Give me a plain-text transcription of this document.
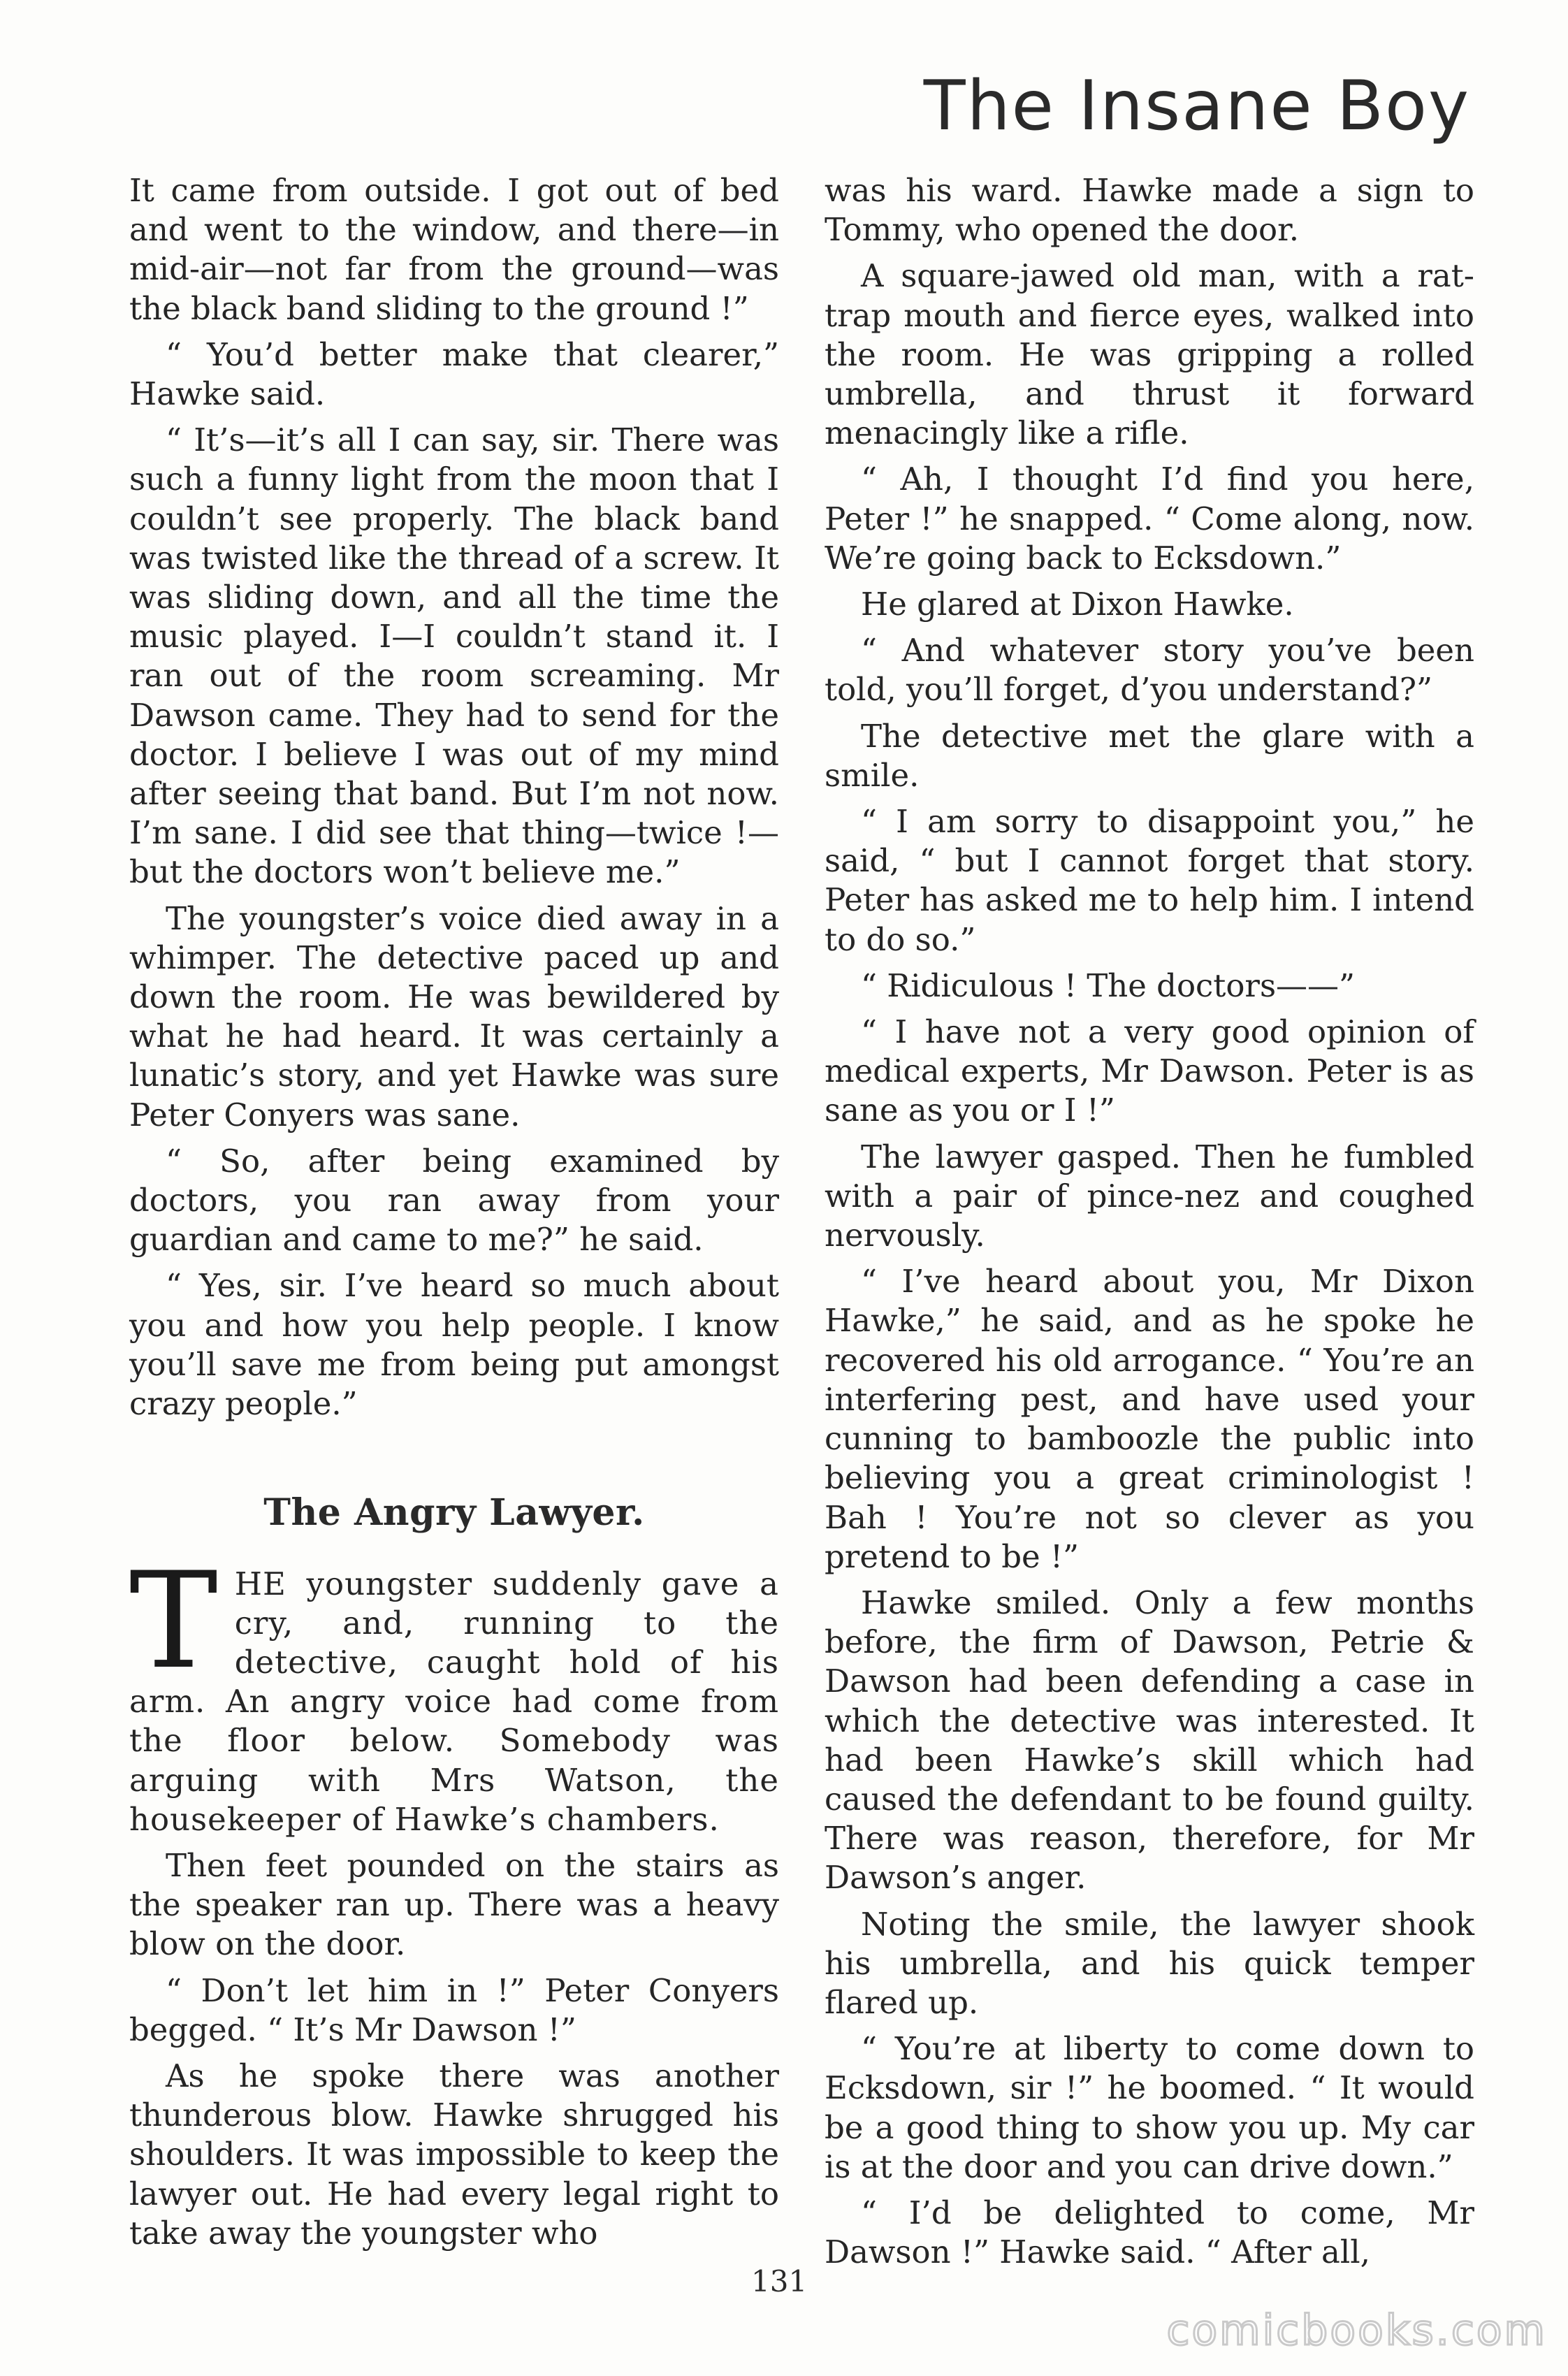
The Insane Boy

It came from outside. I got out of bed and went to the window, and there—in mid-air—not far from the ground—was the black band sliding to the ground !”

“ You’d better make that clearer,” Hawke said.

“ It’s—it’s all I can say, sir. There was such a funny light from the moon that I couldn’t see properly. The black band was twisted like the thread of a screw. It was sliding down, and all the time the music played. I—I couldn’t stand it. I ran out of the room screaming. Mr Dawson came. They had to send for the doctor. I believe I was out of my mind after seeing that band. But I’m not now. I’m sane. I did see that thing—twice !—but the doctors won’t believe me.”

The youngster’s voice died away in a whimper. The detective paced up and down the room. He was bewildered by what he had heard. It was certainly a lunatic’s story, and yet Hawke was sure Peter Conyers was sane.

“ So, after being examined by doctors, you ran away from your guardian and came to me?” he said.

“ Yes, sir. I’ve heard so much about you and how you help people. I know you’ll save me from being put amongst crazy people.”

The Angry Lawyer.

THE youngster suddenly gave a cry, and, running to the detective, caught hold of his arm. An angry voice had come from the floor below. Somebody was arguing with Mrs Watson, the housekeeper of Hawke’s chambers.

Then feet pounded on the stairs as the speaker ran up. There was a heavy blow on the door.

“ Don’t let him in !” Peter Conyers begged. “ It’s Mr Dawson !”

As he spoke there was another thunderous blow. Hawke shrugged his shoulders. It was impossible to keep the lawyer out. He had every legal right to take away the youngster who

was his ward. Hawke made a sign to Tommy, who opened the door.

A square-jawed old man, with a rat-trap mouth and fierce eyes, walked into the room. He was gripping a rolled umbrella, and thrust it forward menacingly like a rifle.

“ Ah, I thought I’d find you here, Peter !” he snapped. “ Come along, now. We’re going back to Ecksdown.”

He glared at Dixon Hawke.

“ And whatever story you’ve been told, you’ll forget, d’you understand?”

The detective met the glare with a smile.

“ I am sorry to disappoint you,” he said, “ but I cannot forget that story. Peter has asked me to help him. I intend to do so.”

“ Ridiculous ! The doctors——”

“ I have not a very good opinion of medical experts, Mr Dawson. Peter is as sane as you or I !”

The lawyer gasped. Then he fumbled with a pair of pince-nez and coughed nervously.

“ I’ve heard about you, Mr Dixon Hawke,” he said, and as he spoke he recovered his old arrogance. “ You’re an interfering pest, and have used your cunning to bamboozle the public into believing you a great criminologist ! Bah ! You’re not so clever as you pretend to be !”

Hawke smiled. Only a few months before, the firm of Dawson, Petrie & Dawson had been defending a case in which the detective was interested. It had been Hawke’s skill which had caused the defendant to be found guilty. There was reason, therefore, for Mr Dawson’s anger.

Noting the smile, the lawyer shook his umbrella, and his quick temper flared up.

“ You’re at liberty to come down to Ecksdown, sir !” he boomed. “ It would be a good thing to show you up. My car is at the door and you can drive down.”

“ I’d be delighted to come, Mr Dawson !” Hawke said. “ After all,

131
comicbooks.com
